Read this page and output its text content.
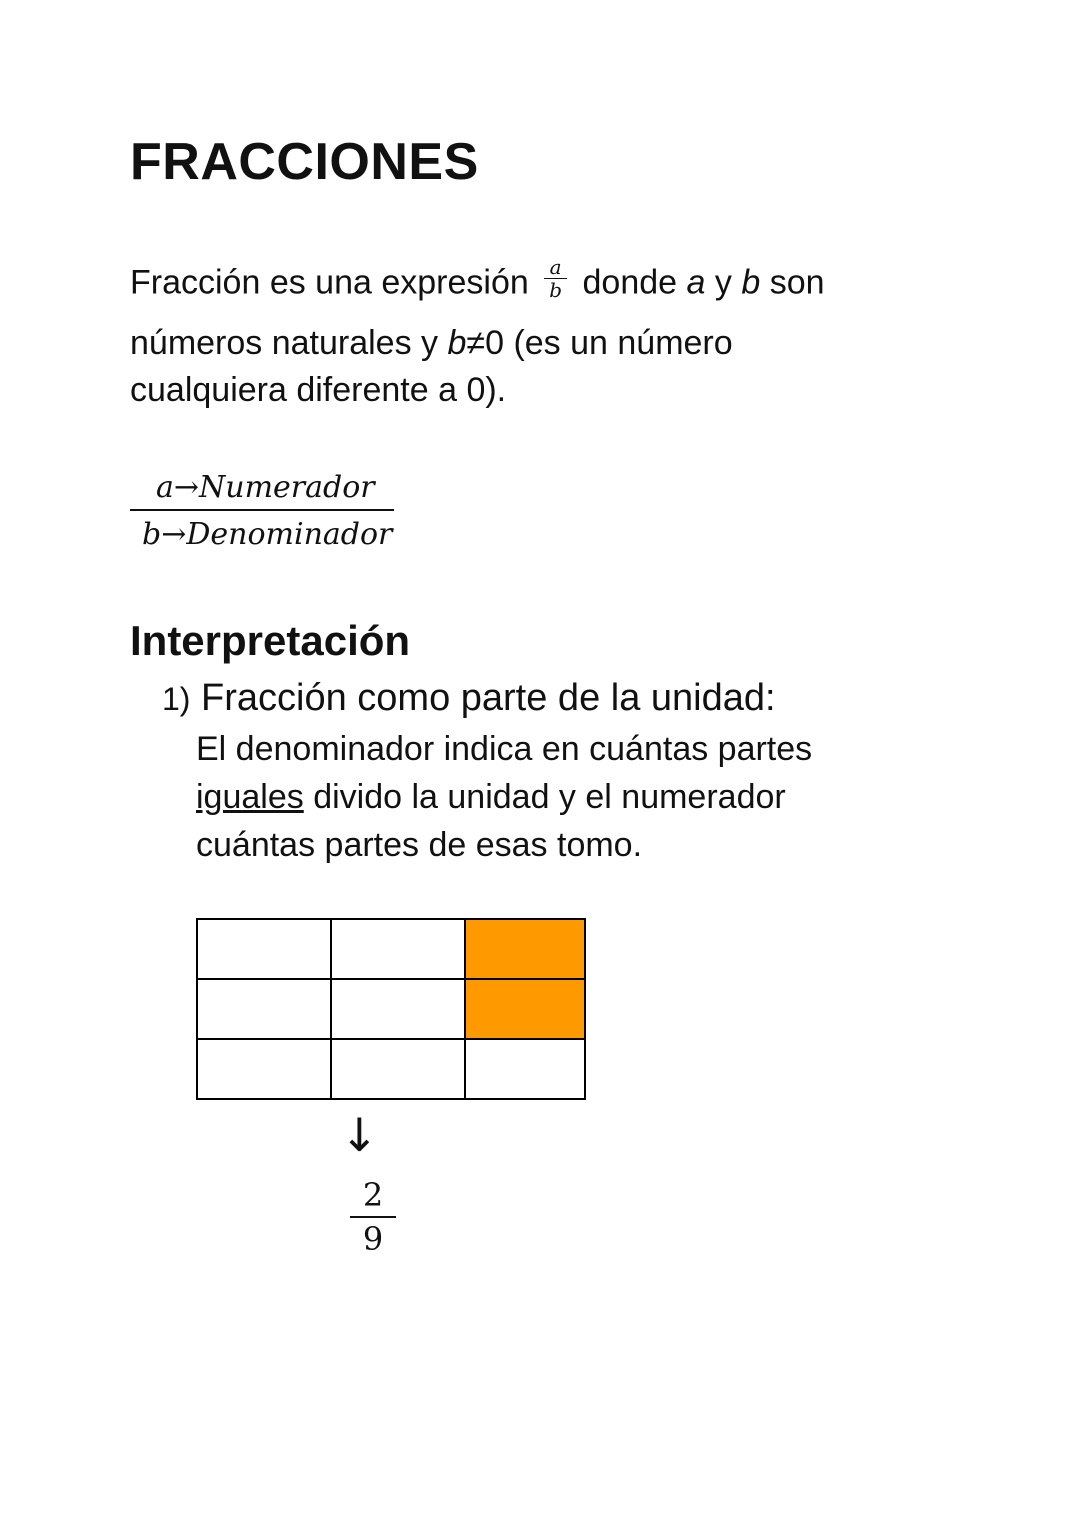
FRACCIONES
Fracción es una expresión $\frac{a}{b}$ donde a y b son
números naturales y b≠0 (es un número
cualquiera diferente a 0).
a→Numerador
b→Denominador
Interpretación
1) Fracción como parte de la unidad:
El denominador indica en cuántas partes
iguales divido la unidad y el numerador
cuántas partes de esas tomo.

↓
$\frac{2}{9}$
